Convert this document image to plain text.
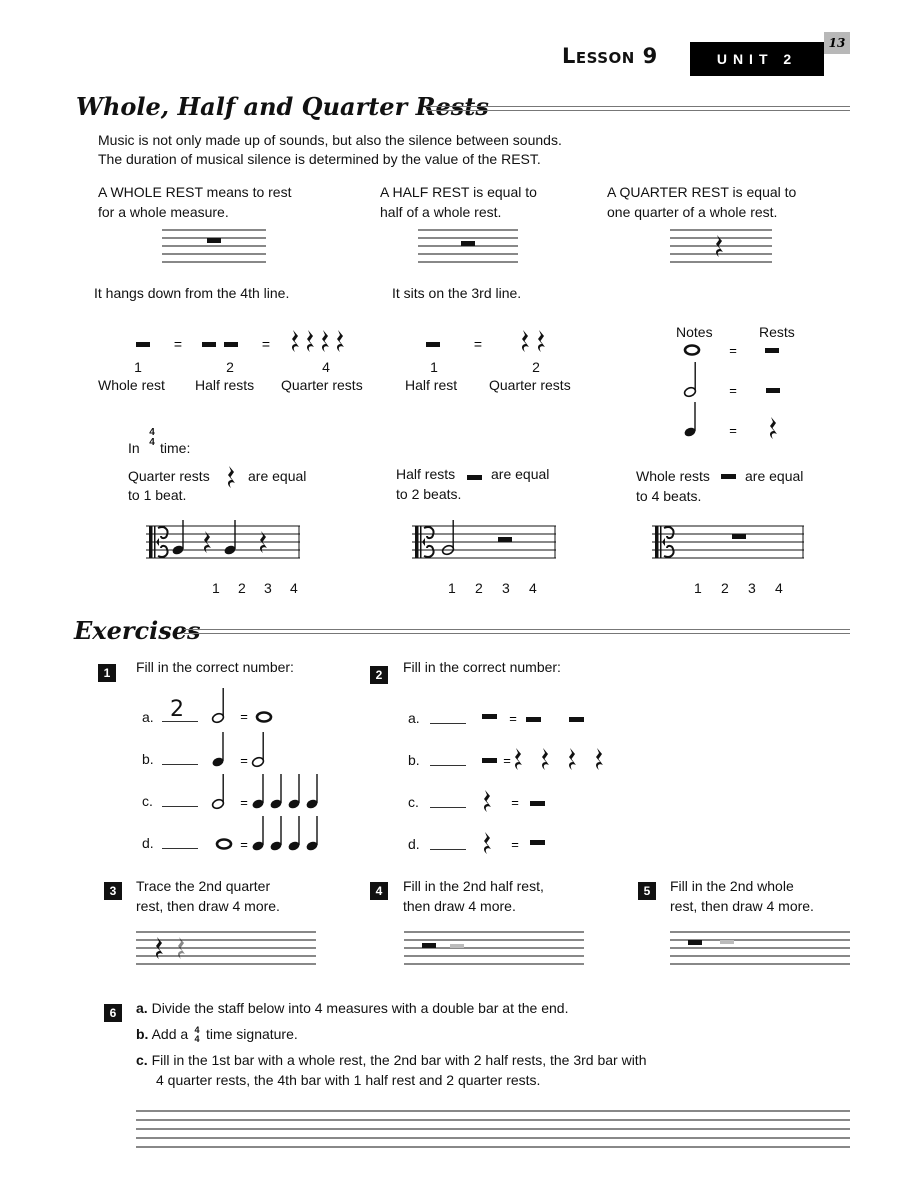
Lesson 9	UNIT 2
13
Whole, Half and Quarter Rests
Music is not only made up of sounds, but also the silence between sounds.
The duration of musical silence is determined by the value of the REST.
A WHOLE REST means to rest
for a whole measure.
A HALF REST is equal to
half of a whole rest.
A QUARTER REST is equal to
one quarter of a whole rest.
It hangs down from the 4th line.	It sits on the 3rd line.
=	=
1	2	4
Whole rest Half rests Quarter rests
=
1	2
Half rest Quarter rests
Notes	Rests
=
=
=
In
4
4 time:
Quarter rests	are equal
to 1 beat.
Half rests	are equal
to 2 beats.
Whole rests	are equal
to 4 beats.
1 2 3 4	1 2 3 4	1 2 3 4
Exercises
1	Fill in the correct number:
a. 2	=
b.	=
c.	=
d.	=
2	Fill in the correct number:
a.	=
b.	=
c.	=
d.	=
3	Trace the 2nd quarter
rest, then draw 4 more.
4	Fill in the 2nd half rest,
then draw 4 more.
5	Fill in the 2nd whole
rest, then draw 4 more.
6	a. Divide the staff below into 4 measures with a double bar at the end.
b. Add a 4
4 time signature.
c. Fill in the 1st bar with a whole rest, the 2nd bar with 2 half rests, the 3rd bar with
4 quarter rests, the 4th bar with 1 half rest and 2 quarter rests.
